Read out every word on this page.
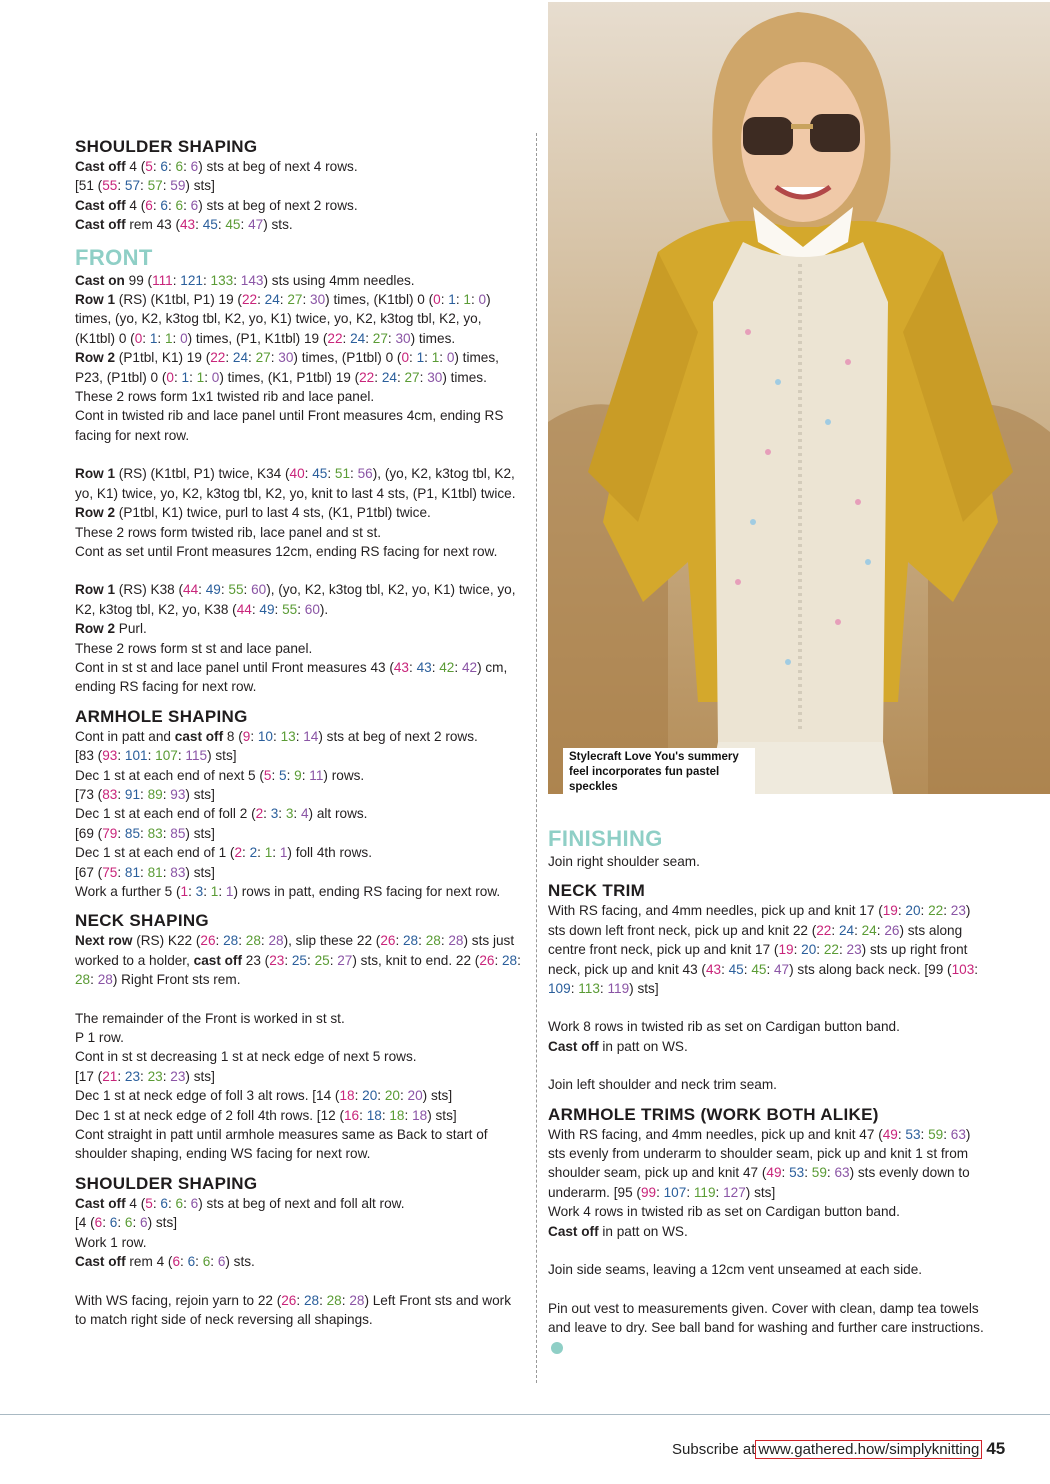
SHOULDER SHAPING
Cast off 4 (5: 6: 6: 6) sts at beg of next 4 rows.
[51 (55: 57: 57: 59) sts]
Cast off 4 (6: 6: 6: 6) sts at beg of next 2 rows.
Cast off rem 43 (43: 45: 45: 47) sts.
FRONT
Cast on 99 (111: 121: 133: 143) sts using 4mm needles.
Row 1 (RS) (K1tbl, P1) 19 (22: 24: 27: 30) times, (K1tbl) 0 (0: 1: 1: 0) times, (yo, K2, k3tog tbl, K2, yo, K1) twice, yo, K2, k3tog tbl, K2, yo, (K1tbl) 0 (0: 1: 1: 0) times, (P1, K1tbl) 19 (22: 24: 27: 30) times.
Row 2 (P1tbl, K1) 19 (22: 24: 27: 30) times, (P1tbl) 0 (0: 1: 1: 0) times, P23, (P1tbl) 0 (0: 1: 1: 0) times, (K1, P1tbl) 19 (22: 24: 27: 30) times.
These 2 rows form 1x1 twisted rib and lace panel.
Cont in twisted rib and lace panel until Front measures 4cm, ending RS facing for next row.
Row 1 (RS) (K1tbl, P1) twice, K34 (40: 45: 51: 56), (yo, K2, k3tog tbl, K2, yo, K1) twice, yo, K2, k3tog tbl, K2, yo, knit to last 4 sts, (P1, K1tbl) twice.
Row 2 (P1tbl, K1) twice, purl to last 4 sts, (K1, P1tbl) twice.
These 2 rows form twisted rib, lace panel and st st.
Cont as set until Front measures 12cm, ending RS facing for next row.
Row 1 (RS) K38 (44: 49: 55: 60), (yo, K2, k3tog tbl, K2, yo, K1) twice, yo, K2, k3tog tbl, K2, yo, K38 (44: 49: 55: 60).
Row 2 Purl.
These 2 rows form st st and lace panel.
Cont in st st and lace panel until Front measures 43 (43: 43: 42: 42) cm, ending RS facing for next row.
ARMHOLE SHAPING
Cont in patt and cast off 8 (9: 10: 13: 14) sts at beg of next 2 rows.
[83 (93: 101: 107: 115) sts]
Dec 1 st at each end of next 5 (5: 5: 9: 11) rows.
[73 (83: 91: 89: 93) sts]
Dec 1 st at each end of foll 2 (2: 3: 3: 4) alt rows.
[69 (79: 85: 83: 85) sts]
Dec 1 st at each end of 1 (2: 2: 1: 1) foll 4th rows.
[67 (75: 81: 81: 83) sts]
Work a further 5 (1: 3: 1: 1) rows in patt, ending RS facing for next row.
NECK SHAPING
Next row (RS) K22 (26: 28: 28: 28), slip these 22 (26: 28: 28: 28) sts just worked to a holder, cast off 23 (23: 25: 25: 27) sts, knit to end. 22 (26: 28: 28: 28) Right Front sts rem.
The remainder of the Front is worked in st st.
P 1 row.
Cont in st st decreasing 1 st at neck edge of next 5 rows.
[17 (21: 23: 23: 23) sts]
Dec 1 st at neck edge of foll 3 alt rows. [14 (18: 20: 20: 20) sts]
Dec 1 st at neck edge of 2 foll 4th rows. [12 (16: 18: 18: 18) sts]
Cont straight in patt until armhole measures same as Back to start of shoulder shaping, ending WS facing for next row.
SHOULDER SHAPING
Cast off 4 (5: 6: 6: 6) sts at beg of next and foll alt row.
[4 (6: 6: 6: 6) sts]
Work 1 row.
Cast off rem 4 (6: 6: 6: 6) sts.
With WS facing, rejoin yarn to 22 (26: 28: 28: 28) Left Front sts and work to match right side of neck reversing all shapings.
Stylecraft Love You's summery feel incorporates fun pastel speckles
FINISHING
Join right shoulder seam.
NECK TRIM
With RS facing, and 4mm needles, pick up and knit 17 (19: 20: 22: 23) sts down left front neck, pick up and knit 22 (22: 24: 24: 26) sts along centre front neck, pick up and knit 17 (19: 20: 22: 23) sts up right front neck, pick up and knit 43 (43: 45: 45: 47) sts along back neck. [99 (103: 109: 113: 119) sts]
Work 8 rows in twisted rib as set on Cardigan button band.
Cast off in patt on WS.
Join left shoulder and neck trim seam.
ARMHOLE TRIMS (WORK BOTH ALIKE)
With RS facing, and 4mm needles, pick up and knit 47 (49: 53: 59: 63) sts evenly from underarm to shoulder seam, pick up and knit 1 st from shoulder seam, pick up and knit 47 (49: 53: 59: 63) sts evenly down to underarm. [95 (99: 107: 119: 127) sts]
Work 4 rows in twisted rib as set on Cardigan button band.
Cast off in patt on WS.
Join side seams, leaving a 12cm vent unseamed at each side.
Pin out vest to measurements given. Cover with clean, damp tea towels and leave to dry. See ball band for washing and further care instructions.
Subscribe at www.gathered.how/simplyknitting 45
